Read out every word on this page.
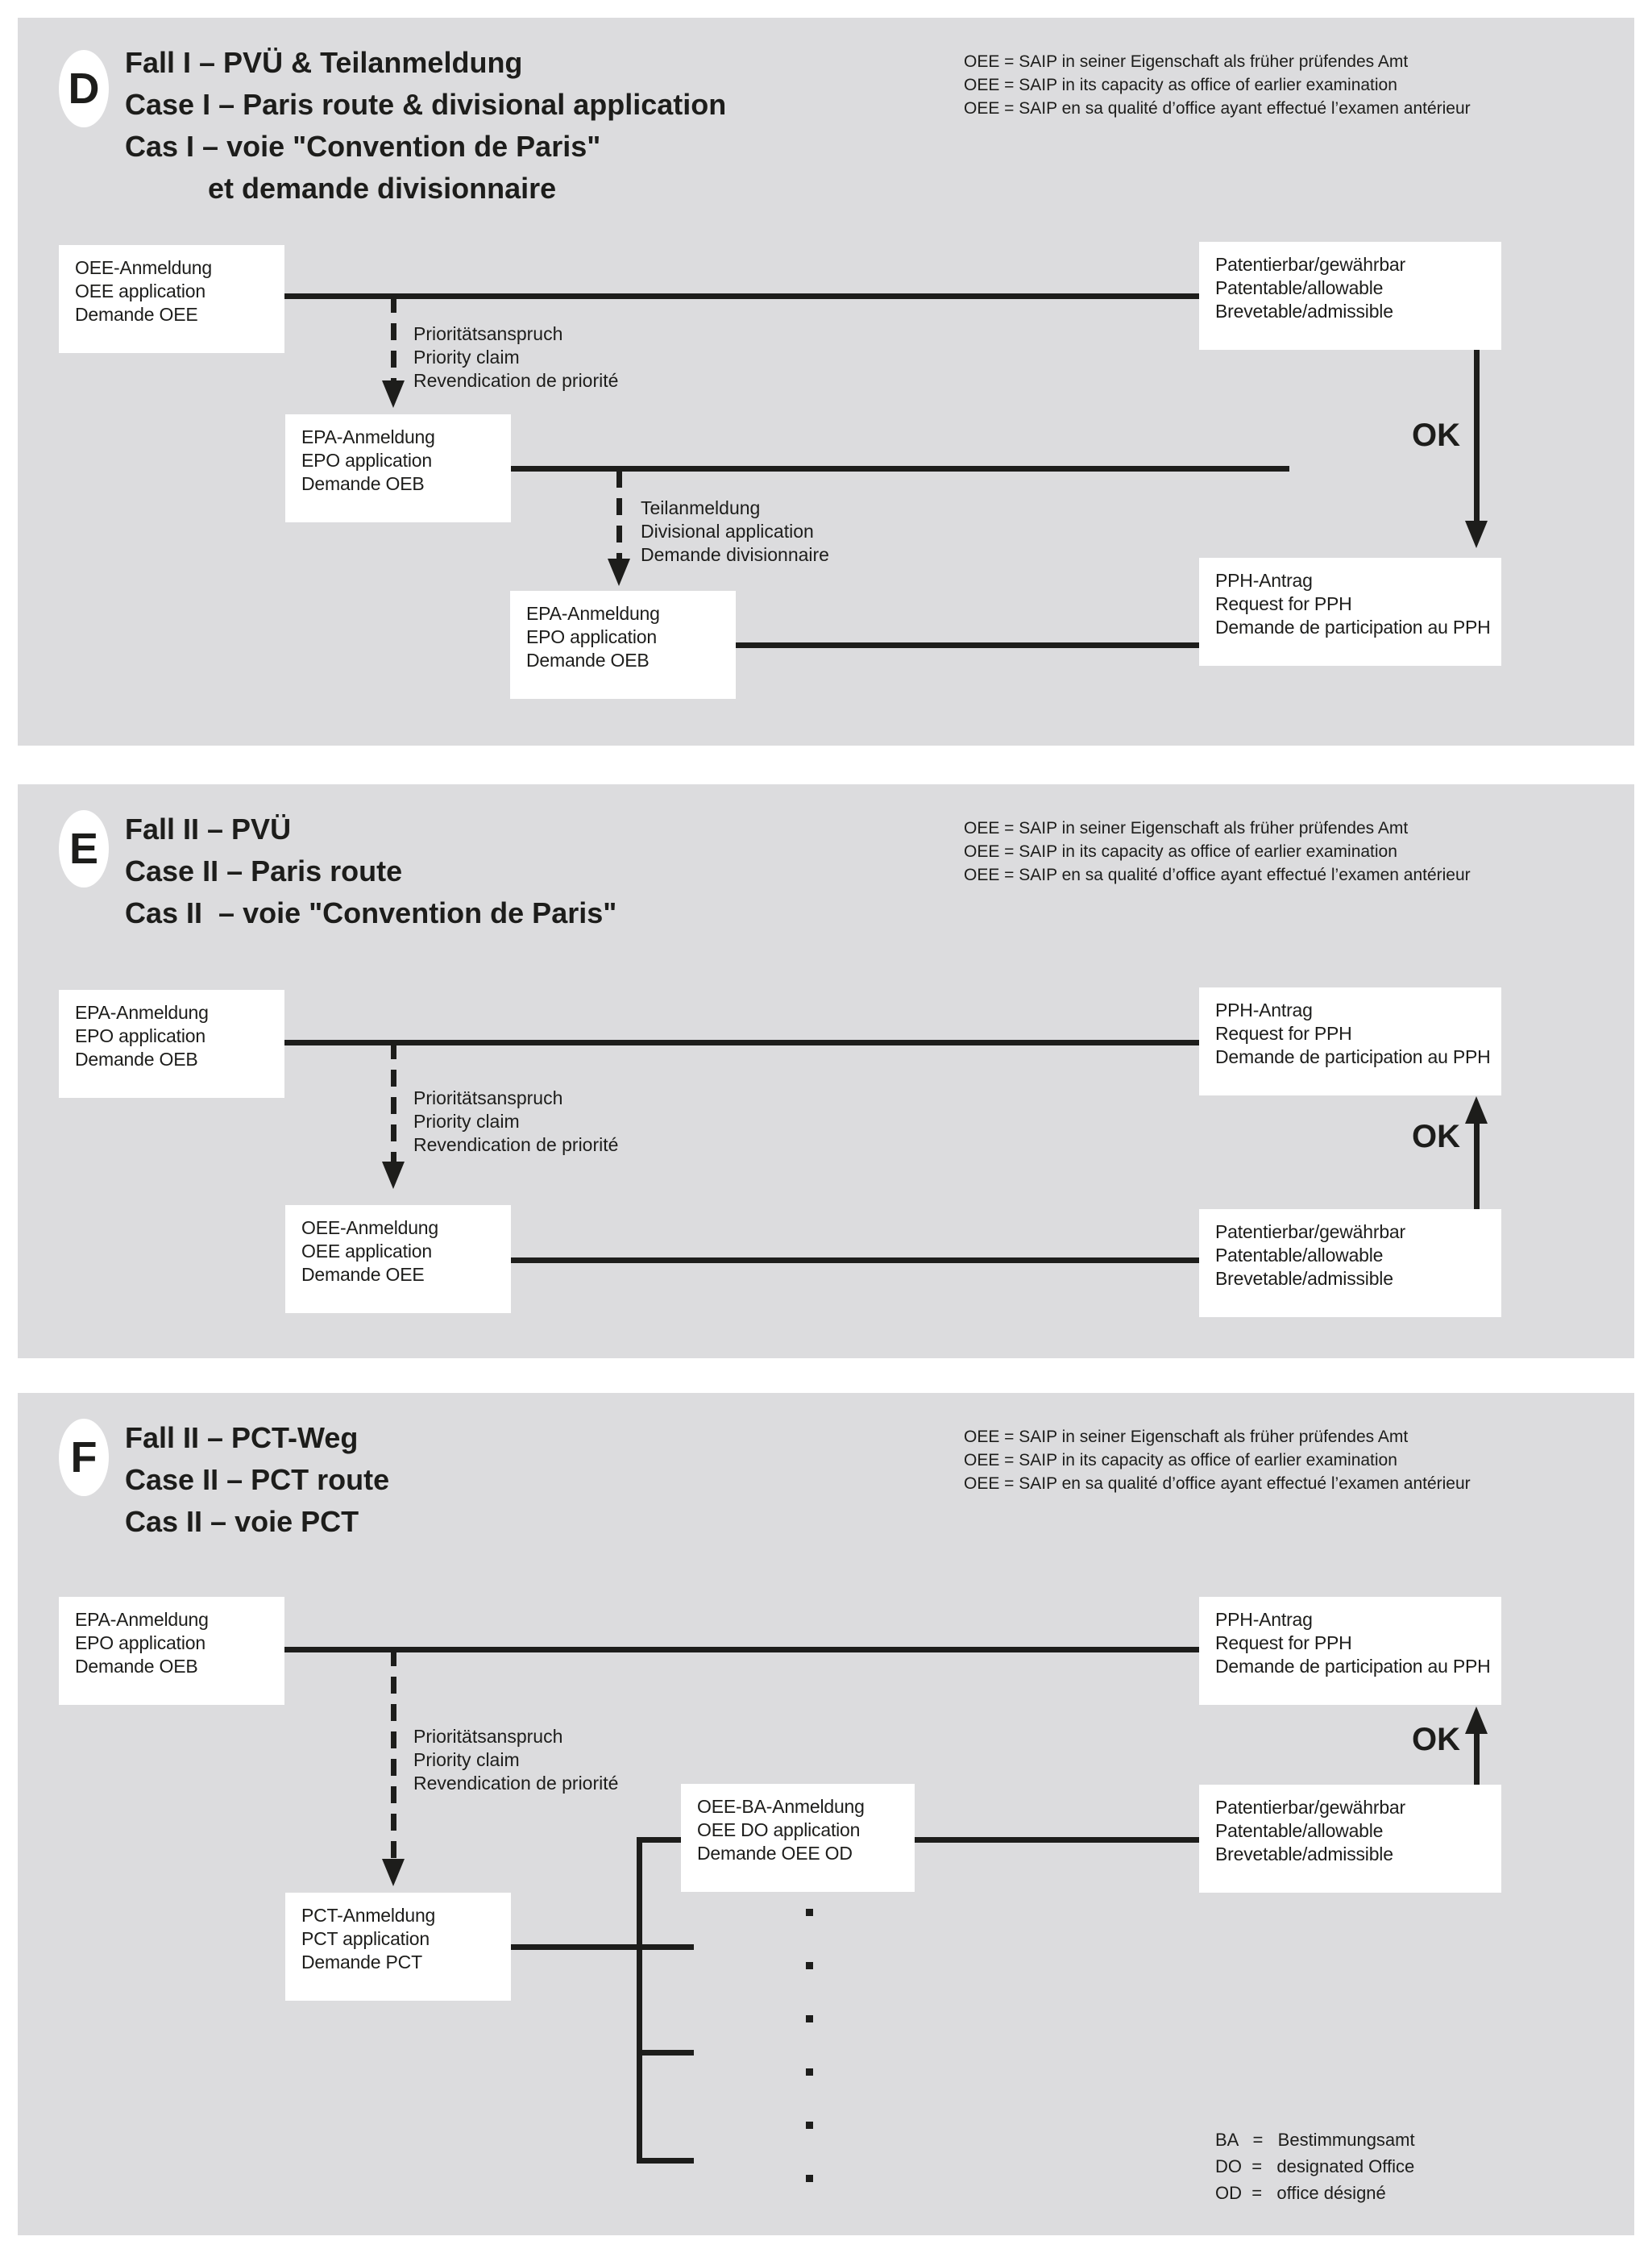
D
Fall I – PVÜ & Teilanmeldung
Case I – Paris route & divisional application
Cas I – voie "Convention de Paris"
et demande divisionnaire
OEE = SAIP in seiner Eigenschaft als früher prüfendes Amt
OEE = SAIP in its capacity as office of earlier examination
OEE = SAIP en sa qualité d’office ayant effectué l’examen antérieur
OEE-Anmeldung
OEE application
Demande OEE
Prioritätsanspruch
Priority claim
Revendication de priorité
EPA-Anmeldung
EPO application
Demande OEB
Teilanmeldung
Divisional application
Demande divisionnaire
EPA-Anmeldung
EPO application
Demande OEB
Patentierbar/gewährbar
Patentable/allowable
Brevetable/admissible
OK
PPH-Antrag
Request for PPH
Demande de participation au PPH
E Fall II – PVÜ
Case II – Paris route
Cas II  – voie "Convention de Paris"
OEE = SAIP in seiner Eigenschaft als früher prüfendes Amt
OEE = SAIP in its capacity as office of earlier examination
OEE = SAIP en sa qualité d’office ayant effectué l’examen antérieur
EPA-Anmeldung
EPO application
Demande OEB
Prioritätsanspruch
Priority claim
Revendication de priorité
OEE-Anmeldung
OEE application
Demande OEE
PPH-Antrag
Request for PPH
Demande de participation au PPH
Patentierbar/gewährbar
Patentable/allowable
Brevetable/admissible
OK
F Fall II – PCT-Weg
Case II – PCT route
Cas II – voie PCT
OEE = SAIP in seiner Eigenschaft als früher prüfendes Amt
OEE = SAIP in its capacity as office of earlier examination
OEE = SAIP en sa qualité d’office ayant effectué l’examen antérieur
EPA-Anmeldung
EPO application
Demande OEB
Prioritätsanspruch
Priority claim
Revendication de priorité
PCT-Anmeldung
PCT application
Demande PCT
OEE-BA-Anmeldung
OEE DO application
Demande OEE OD
PPH-Antrag
Request for PPH
Demande de participation au PPH
Patentierbar/gewährbar
Patentable/allowable
Brevetable/admissible
OK
BA   =   Bestimmungsamt
DO  =   designated Office
OD  =   office désigné
